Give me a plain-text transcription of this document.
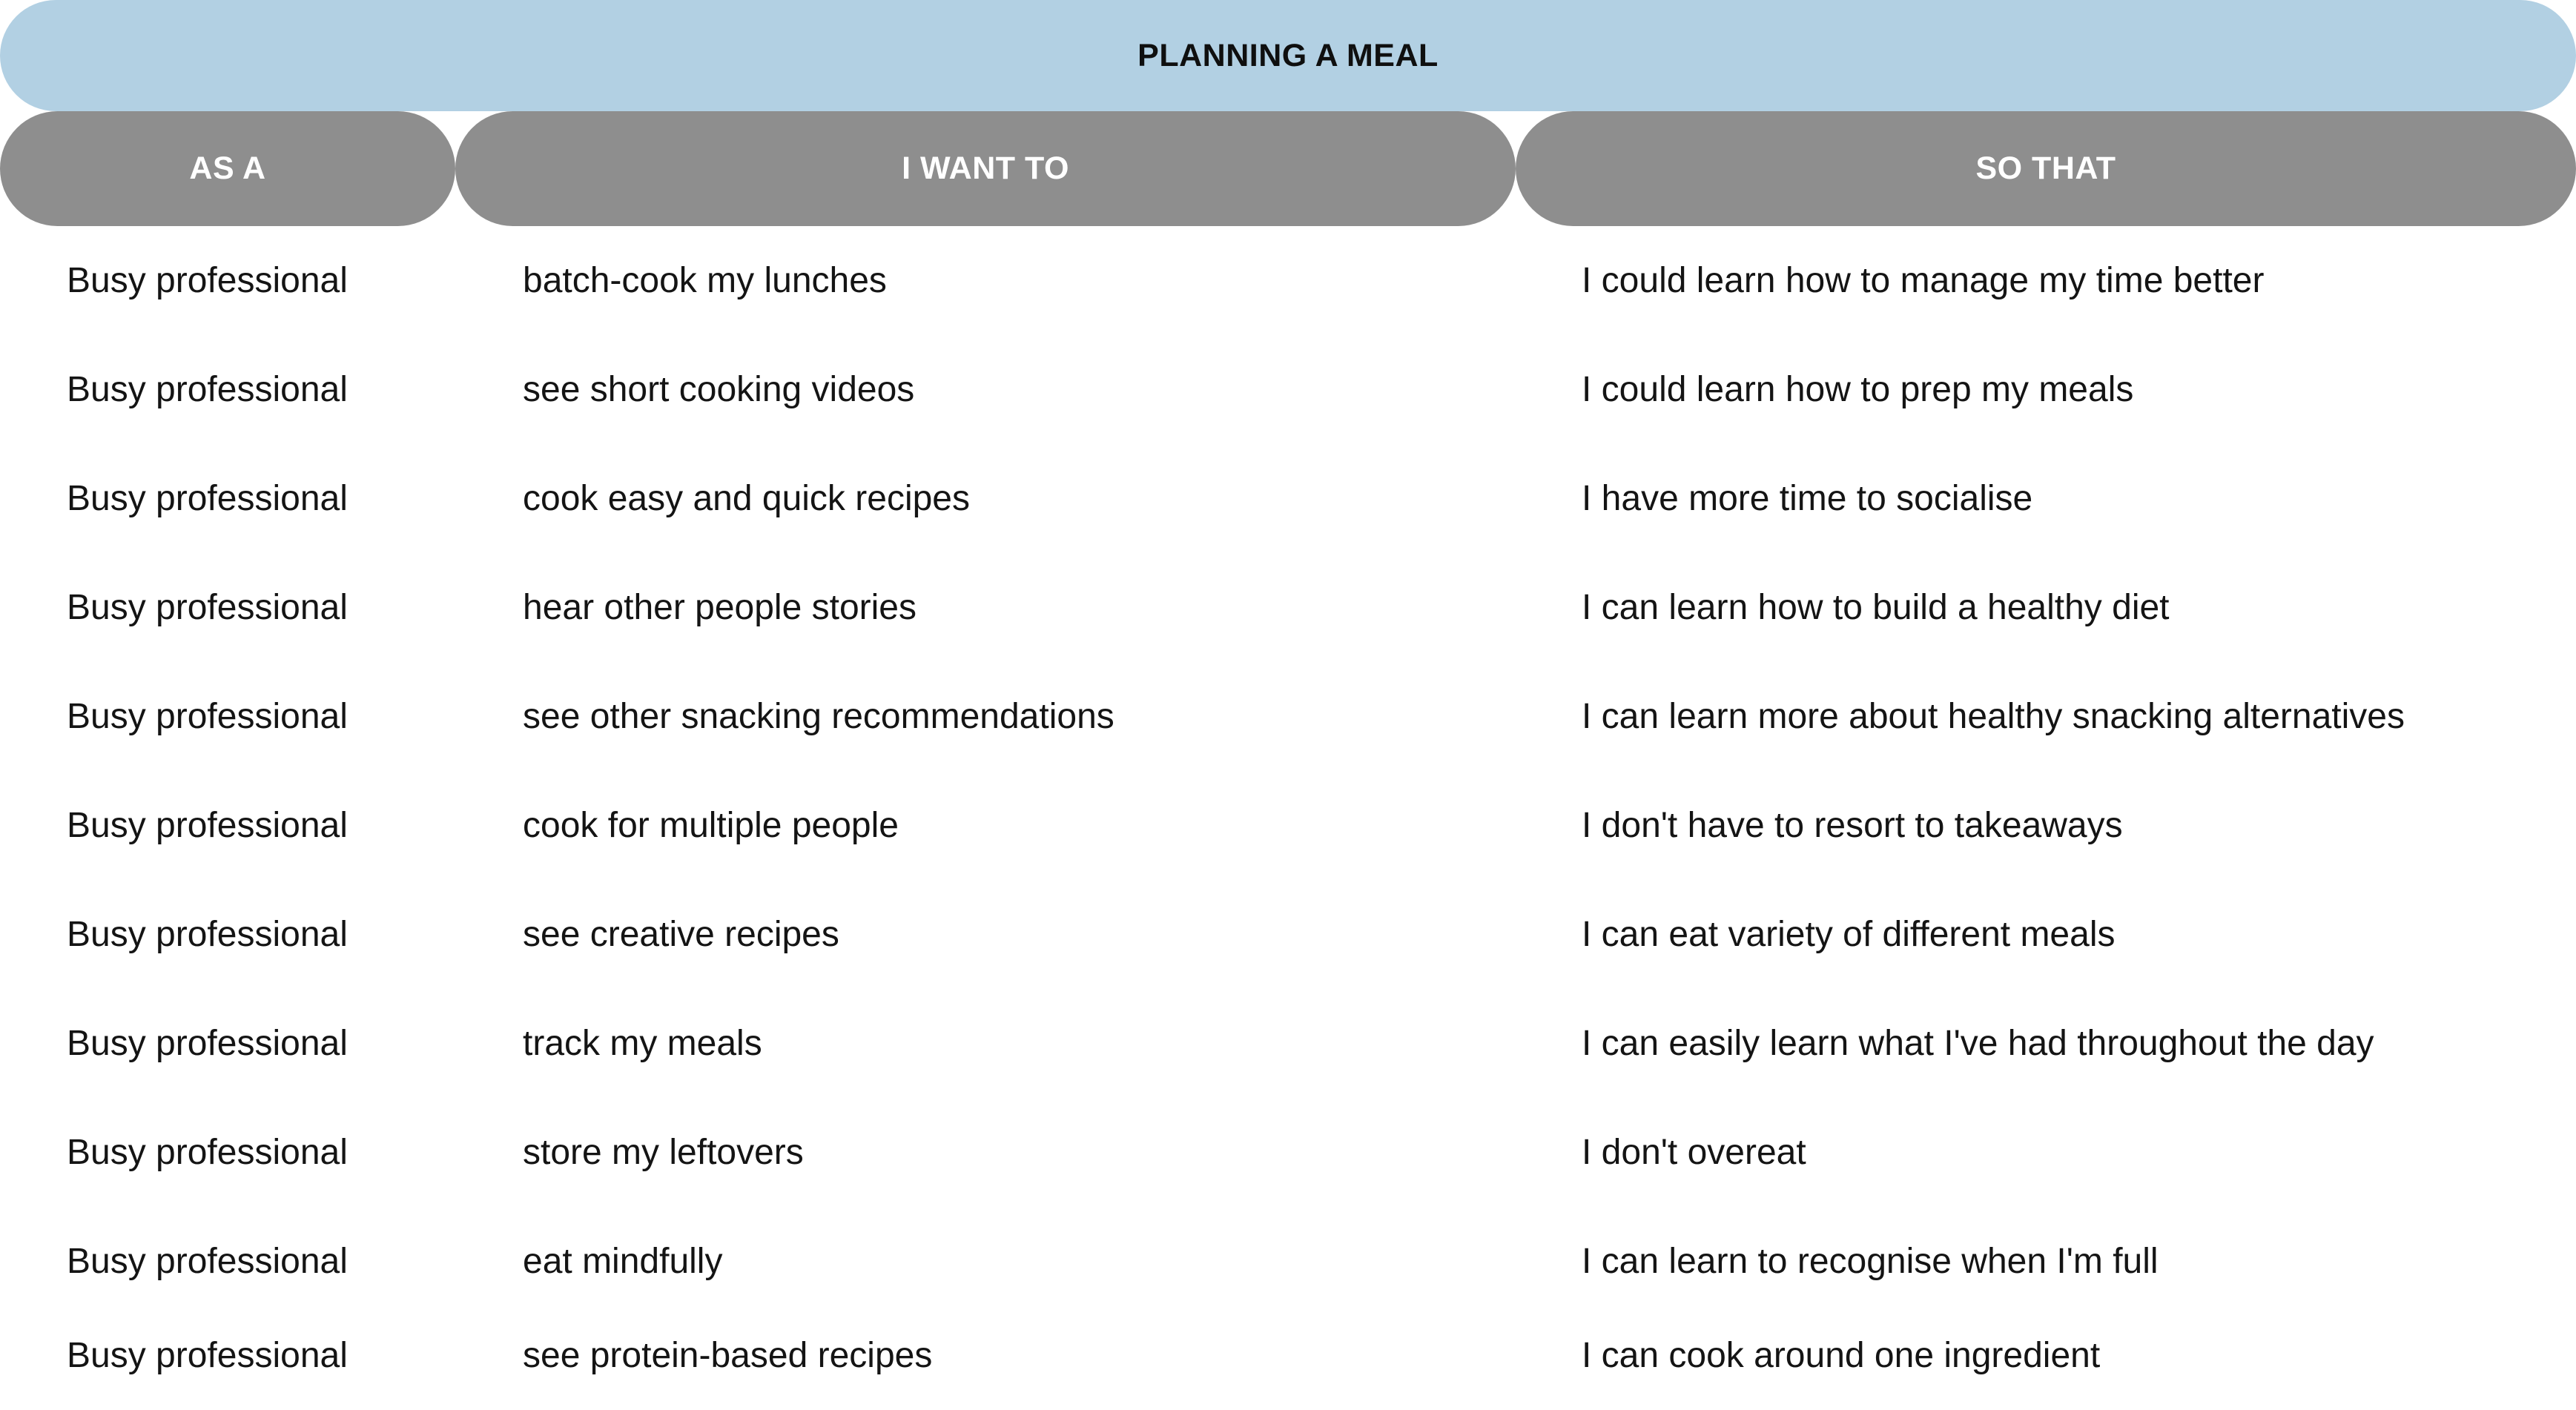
PLANNING A MEAL
AS A	I WANT TO	SO THAT
Busy professional	batch-cook my lunches	I could learn how to manage my time better
Busy professional	see short cooking videos	I could learn how to prep my meals
Busy professional	cook easy and quick recipes	I have more time to socialise
Busy professional	hear other people stories	I can learn how to build a healthy diet
Busy professional	see other snacking recommendations	I can learn more about healthy snacking alternatives
Busy professional	cook for multiple people	I don't have to resort to takeaways
Busy professional	see creative recipes	I can eat variety of different meals
Busy professional	track my meals	I can easily learn what I've had throughout the day
Busy professional	store my leftovers	I don't overeat
Busy professional	eat mindfully	I can learn to recognise when I'm full
Busy professional	see protein-based recipes	I can cook around one ingredient
